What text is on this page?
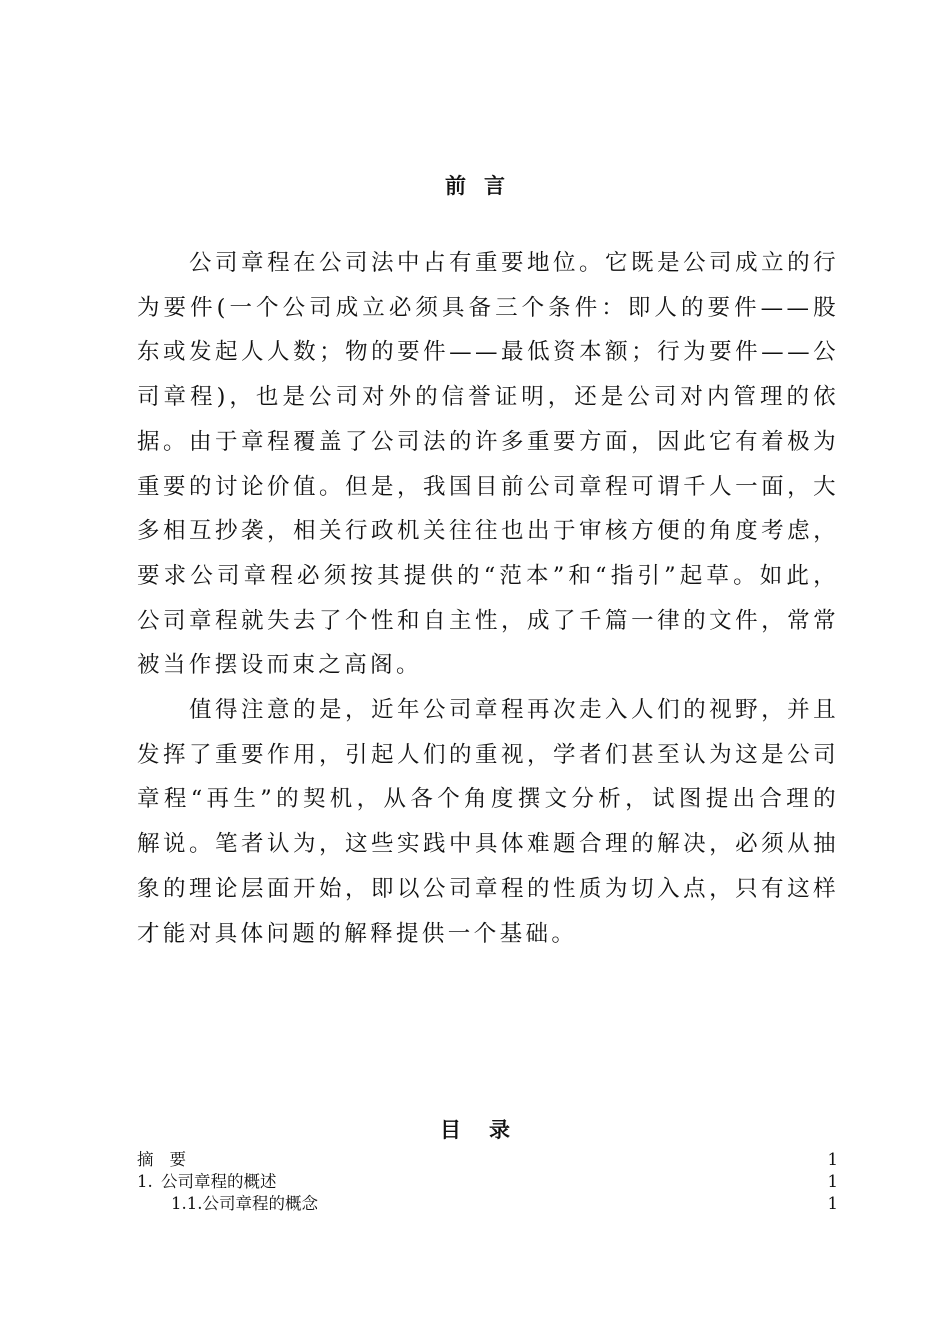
前言

公司章程在公司法中占有重要地位。它既是公司成立的行为要件(一个公司成立必须具备三个条件：即人的要件——股东或发起人人数；物的要件——最低资本额；行为要件——公司章程)，也是公司对外的信誉证明，还是公司对内管理的依据。由于章程覆盖了公司法的许多重要方面，因此它有着极为重要的讨论价值。但是，我国目前公司章程可谓千人一面，大多相互抄袭，相关行政机关往往也出于审核方便的角度考虑，要求公司章程必须按其提供的“范本”和“指引”起草。如此，公司章程就失去了个性和自主性，成了千篇一律的文件，常常被当作摆设而束之高阁。

值得注意的是，近年公司章程再次走入人们的视野，并且发挥了重要作用，引起人们的重视，学者们甚至认为这是公司章程“再生”的契机，从各个角度撰文分析，试图提出合理的解说。笔者认为，这些实践中具体难题合理的解决，必须从抽象的理论层面开始，即以公司章程的性质为切入点，只有这样才能对具体问题的解释提供一个基础。

目录
摘要	1
1. 公司章程的概述	1
1.1.公司章程的概念	1
